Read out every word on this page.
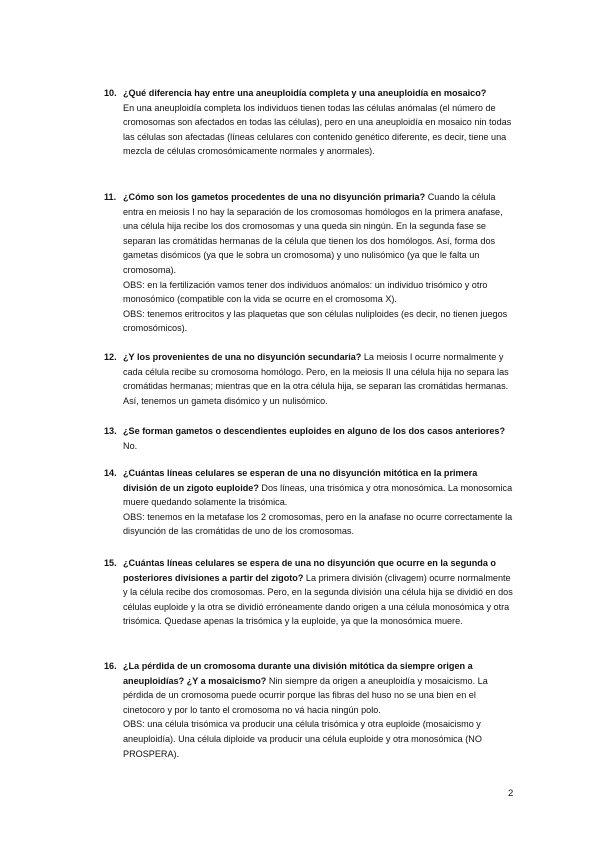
10. ¿Qué diferencia hay entre una aneuploidía completa y una aneuploidía en mosaico?

En una aneuploidía completa los individuos tienen todas las células anómalas (el número de cromosomas son afectados en todas las células), pero en una aneuploidía en mosaico nin todas las células son afectadas (líneas celulares con contenido genético diferente, es decir, tiene una mezcla de células cromosómicamente normales y anormales).

11. ¿Cómo son los gametos procedentes de una no disyunción primaria? Cuando la célula entra en meiosis I no hay la separación de los cromosomas homólogos en la primera anafase, una célula hija recibe los dos cromosomas y una queda sin ningún. En la segunda fase se separan las cromátidas hermanas de la célula que tienen los dos homólogos. Así, forma dos gametas disómicos (ya que le sobra un cromosoma) y uno nulisómico (ya que le falta un cromosoma).

OBS: en la fertilización vamos tener dos individuos anómalos: un individuo trisómico y otro monosómico (compatible con la vida se ocurre en el cromosoma X).

OBS: tenemos eritrocitos y las plaquetas que son células nuliploides (es decir, no tienen juegos cromosómicos).

12. ¿Y los provenientes de una no disyunción secundaria? La meiosis I ocurre normalmente y cada célula recibe su cromosoma homólogo. Pero, en la meiosis II una célula hija no separa las cromátidas hermanas; mientras que en la otra célula hija, se separan las cromátidas hermanas. Así, tenemos un gameta disómico y un nulisómico.

13. ¿Se forman gametos o descendientes euploides en alguno de los dos casos anteriores? No.

14. ¿Cuántas líneas celulares se esperan de una no disyunción mitótica en la primera división de un zigoto euploide? Dos líneas, una trisómica y otra monosómica. La monosomica muere quedando solamente la trisómica.

OBS: tenemos en la metafase los 2 cromosomas, pero en la anafase no ocurre correctamente la disyunción de las cromátidas de uno de los cromosomas.

15. ¿Cuántas líneas celulares se espera de una no disyunción que ocurre en la segunda o posteriores divisiones a partir del zigoto? La primera división (clivagem) ocurre normalmente y la célula recibe dos cromosomas. Pero, en la segunda división una célula hija se dividió en dos células euploide y la otra se dividió erróneamente dando origen a una célula monosómica y otra trisómica. Quedase apenas la trisómica y la euploide, ya que la monosómica muere.

16. ¿La pérdida de un cromosoma durante una división mitótica da siempre origen a aneuploidías? ¿Y a mosaicismo? Nin siempre da origen a aneuploidía y mosaicismo. La pérdida de un cromosoma puede ocurrir porque las fibras del huso no se una bien en el cinetocoro y por lo tanto el cromosoma no vá hacia ningún polo.

OBS: una célula trisómica va producir una célula trisómica y otra euploide (mosaicismo y aneuploidía). Una célula diploide va producir una célula euploide y otra monosómica (NO PROSPERA).

2
